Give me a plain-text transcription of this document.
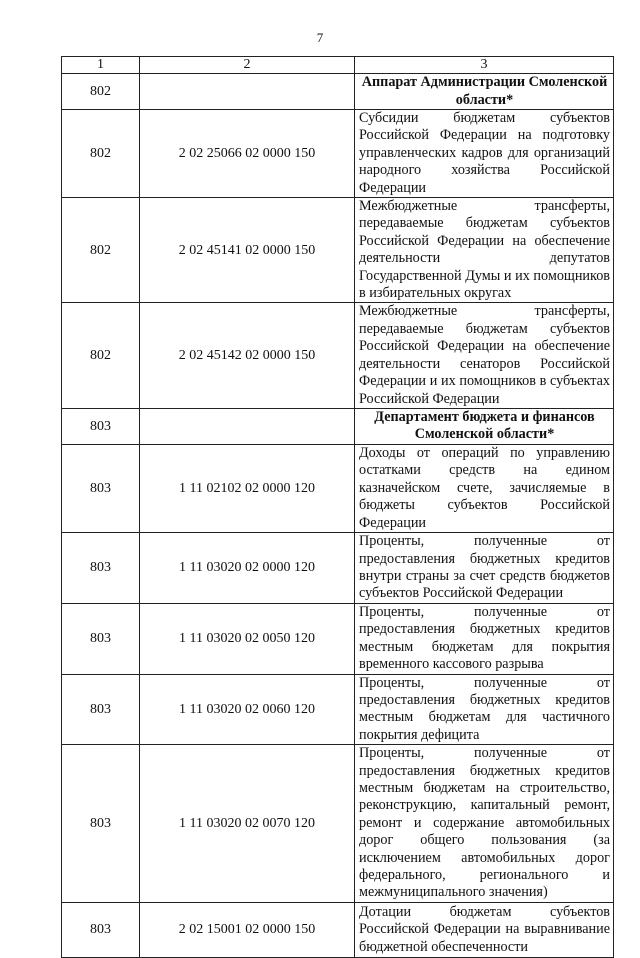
7
1	2	3
802		Аппарат Администрации Смоленской области*
802	2 02 25066 02 0000 150	Субсидии бюджетам субъектов Российской Федерации на подготовку управленческих кадров для организаций народного хозяйства Российской Федерации
802	2 02 45141 02 0000 150	Межбюджетные трансферты, передаваемые бюджетам субъектов Российской Федерации на обеспечение деятельности депутатов Государственной Думы и их помощников в избирательных округах
802	2 02 45142 02 0000 150	Межбюджетные трансферты, передаваемые бюджетам субъектов Российской Федерации на обеспечение деятельности сенаторов Российской Федерации и их помощников в субъектах Российской Федерации
803		Департамент бюджета и финансов Смоленской области*
803	1 11 02102 02 0000 120	Доходы от операций по управлению остатками средств на едином казначейском счете, зачисляемые в бюджеты субъектов Российской Федерации
803	1 11 03020 02 0000 120	Проценты, полученные от предоставления бюджетных кредитов внутри страны за счет средств бюджетов субъектов Российской Федерации
803	1 11 03020 02 0050 120	Проценты, полученные от предоставления бюджетных кредитов местным бюджетам для покрытия временного кассового разрыва
803	1 11 03020 02 0060 120	Проценты, полученные от предоставления бюджетных кредитов местным бюджетам для частичного покрытия дефицита
803	1 11 03020 02 0070 120	Проценты, полученные от предоставления бюджетных кредитов местным бюджетам на строительство, реконструкцию, капитальный ремонт, ремонт и содержание автомобильных дорог общего пользования (за исключением автомобильных дорог федерального, регионального и межмуниципального значения)
803	2 02 15001 02 0000 150	Дотации бюджетам субъектов Российской Федерации на выравнивание бюджетной обеспеченности
